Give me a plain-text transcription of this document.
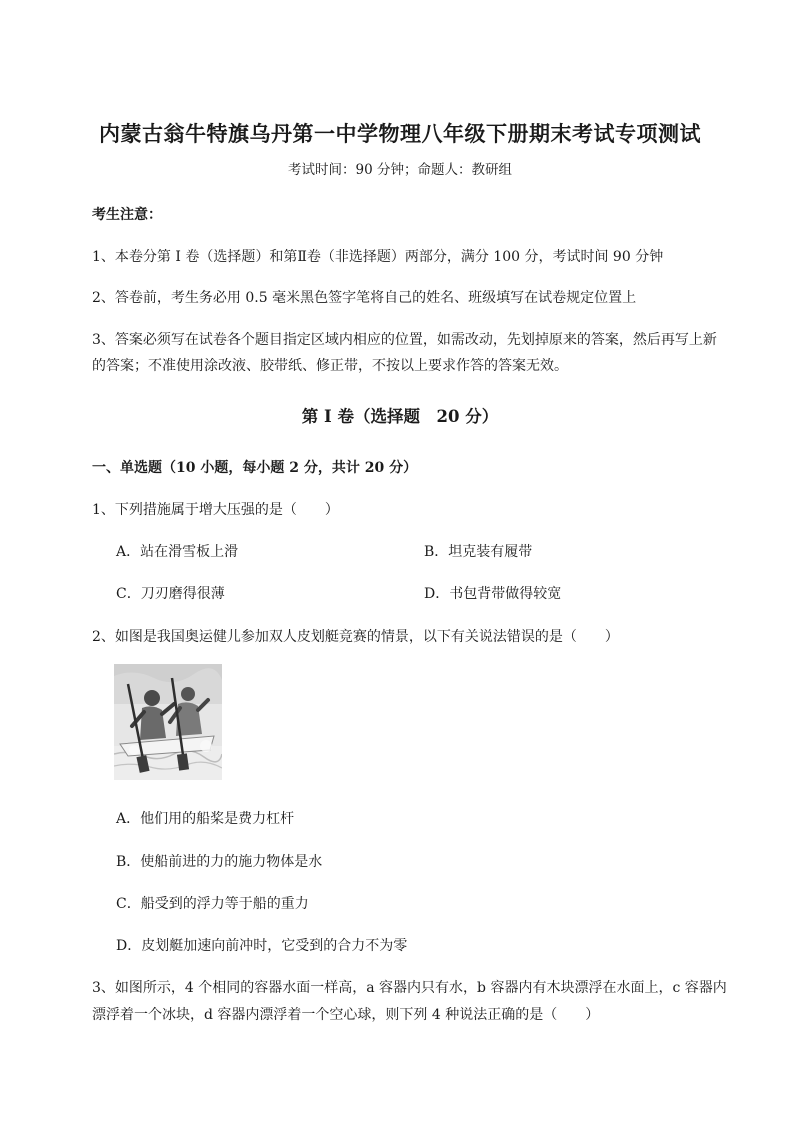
内蒙古翁牛特旗乌丹第一中学物理八年级下册期末考试专项测试
考试时间：90 分钟；命题人：教研组
考生注意：
1、本卷分第 I 卷（选择题）和第Ⅱ卷（非选择题）两部分，满分 100 分，考试时间 90 分钟
2、答卷前，考生务必用 0.5 毫米黑色签字笔将自己的姓名、班级填写在试卷规定位置上
3、答案必须写在试卷各个题目指定区域内相应的位置，如需改动，先划掉原来的答案，然后再写上新
的答案；不准使用涂改液、胶带纸、修正带，不按以上要求作答的答案无效。
第 I 卷（选择题　20 分）
一、单选题（10 小题，每小题 2 分，共计 20 分）
1、下列措施属于增大压强的是（　　）
A．站在滑雪板上滑	B．坦克装有履带
C．刀刃磨得很薄	D．书包背带做得较宽
2、如图是我国奥运健儿参加双人皮划艇竞赛的情景，以下有关说法错误的是（　　）
A．他们用的船桨是费力杠杆
B．使船前进的力的施力物体是水
C．船受到的浮力等于船的重力
D．皮划艇加速向前冲时，它受到的合力不为零
3、如图所示，4 个相同的容器水面一样高，a 容器内只有水，b 容器内有木块漂浮在水面上，c 容器内
漂浮着一个冰块，d 容器内漂浮着一个空心球，则下列 4 种说法正确的是（　　）
